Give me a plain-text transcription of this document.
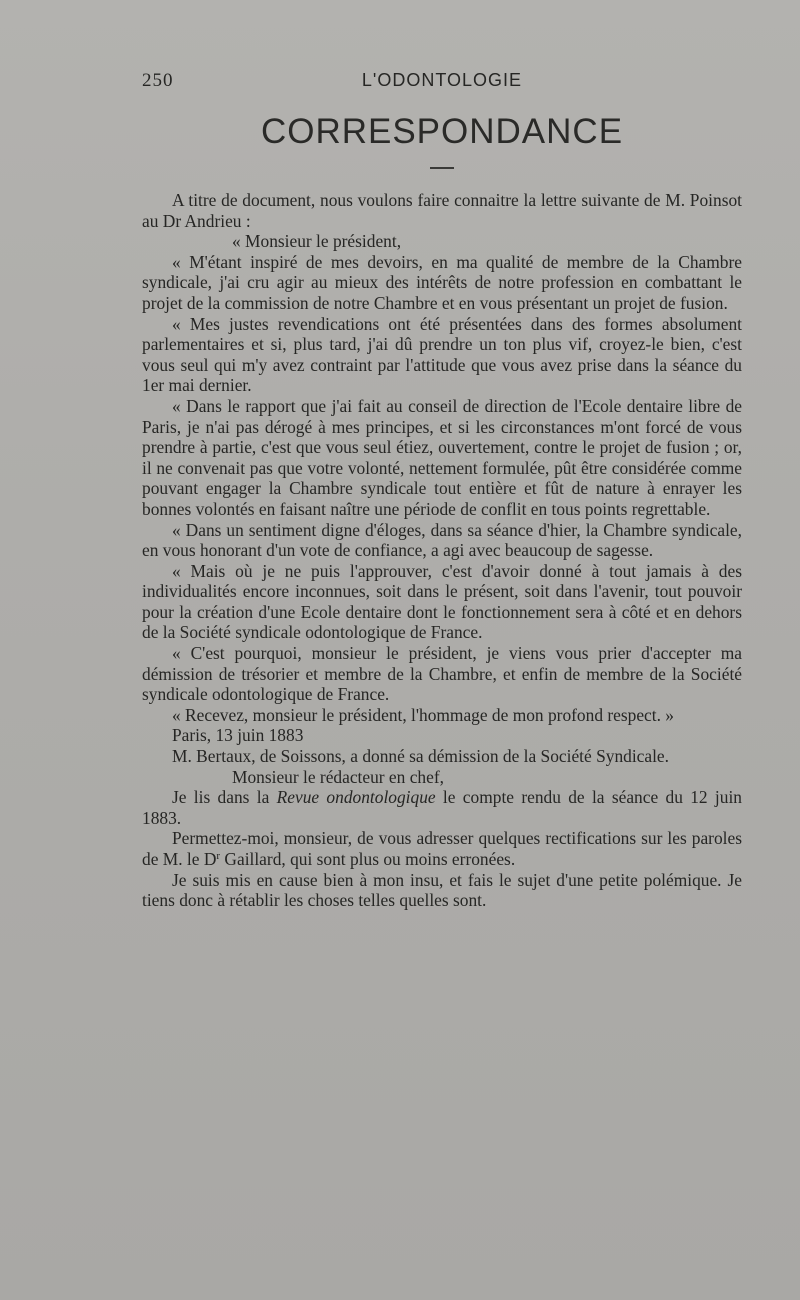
250	L'ODONTOLOGIE
CORRESPONDANCE

A titre de document, nous voulons faire connaitre la lettre suivante de M. Poinsot au Dr Andrieu :

« Monsieur le président,

« M'étant inspiré de mes devoirs, en ma qualité de membre de la Chambre syndicale, j'ai cru agir au mieux des intérêts de notre profession en combattant le projet de la commission de notre Chambre et en vous présentant un projet de fusion.

« Mes justes revendications ont été présentées dans des formes absolument parlementaires et si, plus tard, j'ai dû prendre un ton plus vif, croyez-le bien, c'est vous seul qui m'y avez contraint par l'attitude que vous avez prise dans la séance du 1er mai dernier.

« Dans le rapport que j'ai fait au conseil de direction de l'Ecole dentaire libre de Paris, je n'ai pas dérogé à mes principes, et si les circonstances m'ont forcé de vous prendre à partie, c'est que vous seul étiez, ouvertement, contre le projet de fusion ; or, il ne convenait pas que votre volonté, nettement formulée, pût être considérée comme pouvant engager la Chambre syndicale tout entière et fût de nature à enrayer les bonnes volontés en faisant naître une période de conflit en tous points regrettable.

« Dans un sentiment digne d'éloges, dans sa séance d'hier, la Chambre syndicale, en vous honorant d'un vote de confiance, a agi avec beaucoup de sagesse.

« Mais où je ne puis l'approuver, c'est d'avoir donné à tout jamais à des individualités encore inconnues, soit dans le présent, soit dans l'avenir, tout pouvoir pour la création d'une Ecole dentaire dont le fonctionnement sera à côté et en dehors de la Société syndicale odontologique de France.

« C'est pourquoi, monsieur le président, je viens vous prier d'accepter ma démission de trésorier et membre de la Chambre, et enfin de membre de la Société syndicale odontologique de France.

« Recevez, monsieur le président, l'hommage de mon profond respect. »

Paris, 13 juin 1883

M. Bertaux, de Soissons, a donné sa démission de la Société Syndicale.

Monsieur le rédacteur en chef,

Je lis dans la Revue ondontologique le compte rendu de la séance du 12 juin 1883.

Permettez-moi, monsieur, de vous adresser quelques rectifications sur les paroles de M. le $D^r$ Gaillard, qui sont plus ou moins erronées.

Je suis mis en cause bien à mon insu, et fais le sujet d'une petite polémique. Je tiens donc à rétablir les choses telles quelles sont.
